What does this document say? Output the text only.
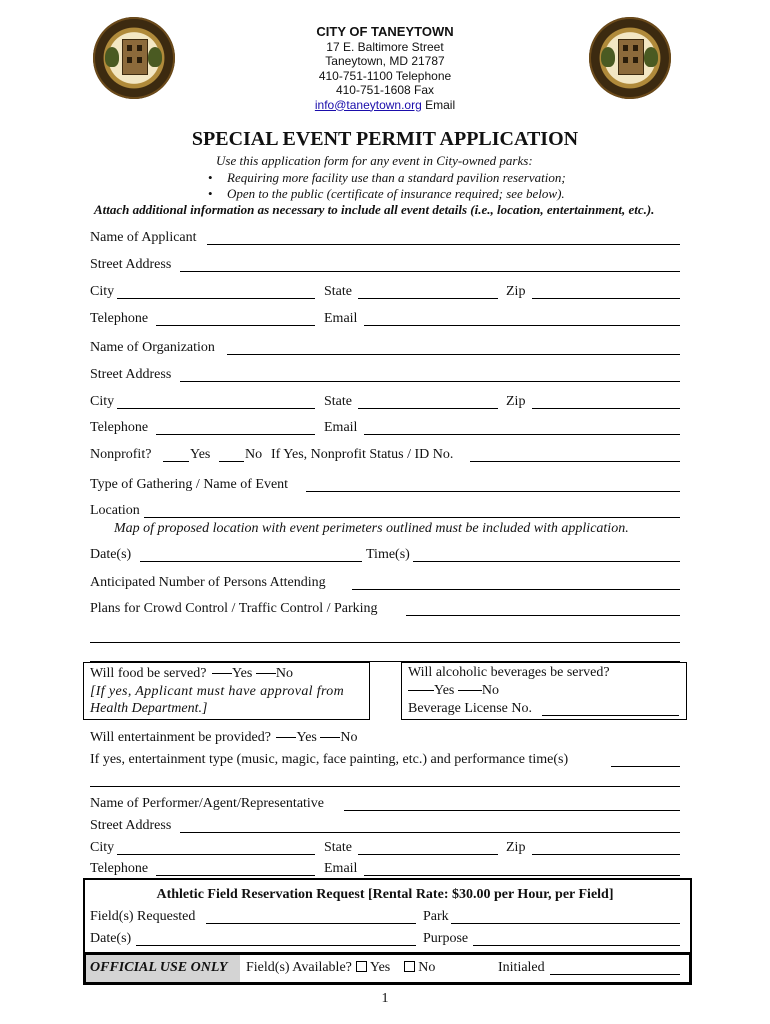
CITY OF TANEYTOWN
17 E. Baltimore Street
Taneytown, MD 21787
410-751-1100 Telephone
410-751-1608 Fax
info@taneytown.org Email
SPECIAL EVENT PERMIT APPLICATION
Use this application form for any event in City-owned parks:
• Requiring more facility use than a standard pavilion reservation;
• Open to the public (certificate of insurance required; see below).
Attach additional information as necessary to include all event details (i.e., location, entertainment, etc.).
Name of Applicant
Street Address
City	State	Zip
Telephone	Email
Name of Organization
Street Address
City	State	Zip
Telephone	Email
Nonprofit?	Yes No If Yes, Nonprofit Status / ID No.
Type of Gathering / Name of Event
Location
Map of proposed location with event perimeters outlined must be included with application.
Date(s)	Time(s)
Anticipated Number of Persons Attending
Plans for Crowd Control / Traffic Control / Parking
Will food be served? Yes No
[If yes, Applicant must have approval from
Health Department.]
Will alcoholic beverages be served?
Yes No
Beverage License No.
Will entertainment be provided? Yes No
If yes, entertainment type (music, magic, face painting, etc.) and performance time(s)
Name of Performer/Agent/Representative
Street Address
City	State	Zip
Telephone	Email
Athletic Field Reservation Request [Rental Rate: $30.00 per Hour, per Field]
Field(s) Requested	Park
Date(s)	Purpose
OFFICIAL USE ONLY Field(s) Available? Yes No	Initialed
1
